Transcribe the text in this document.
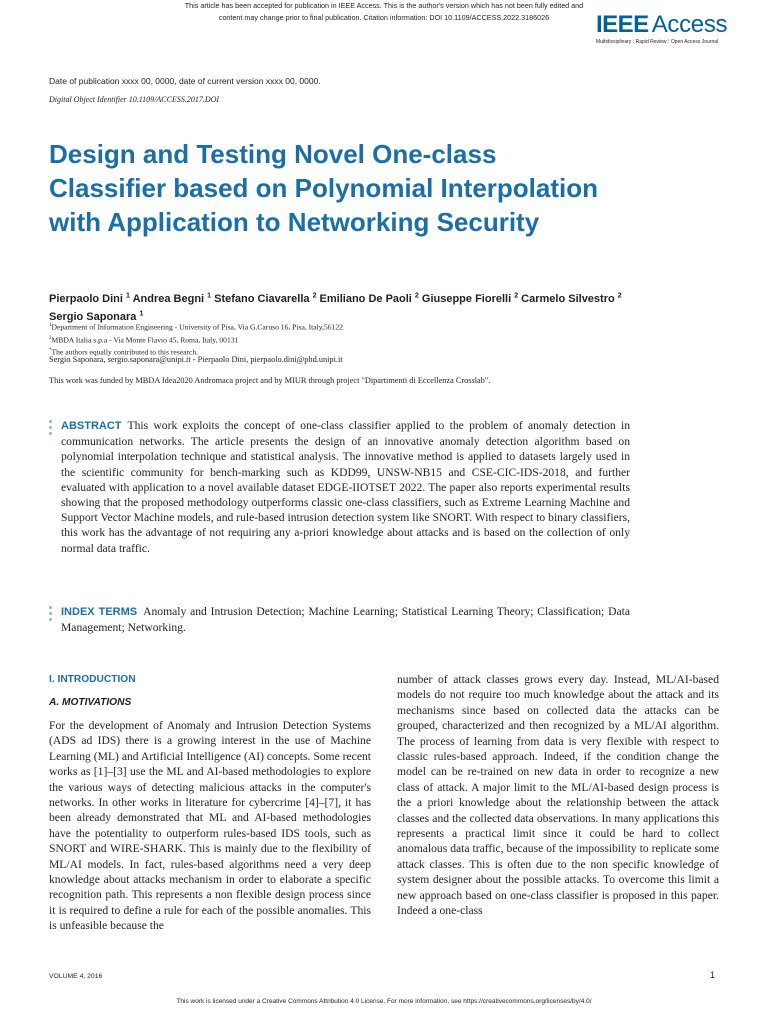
This article has been accepted for publication in IEEE Access. This is the author's version which has not been fully edited and
content may change prior to final publication. Citation information: DOI 10.1109/ACCESS.2022.3186026	IEEE Access
Multidisciplinary ⁝ Rapid Review ⁝ Open Access Journal
Date of publication xxxx 00, 0000, date of current version xxxx 00, 0000.
Digital Object Identifier 10.1109/ACCESS.2017.DOI
Design and Testing Novel One-class Classifier based on Polynomial Interpolation with Application to Networking Security
Pierpaolo Dini $^1$ Andrea Begni $^1$ Stefano Ciavarella $^2$ Emiliano De Paoli $^2$ Giuseppe Fiorelli $^2$ Carmelo Silvestro $^2$ Sergio Saponara $^1$
$^1$Department of Information Engineering - University of Pisa, Via G.Caruso 16, Pisa, Italy,56122
$^2$MBDA Italia s.p.a - Via Monte Flavio 45, Roma, Italy, 00131
*The authors equally contributed to this research.
Sergio Saponara, sergio.saponara@unipi.it - Pierpaolo Dini, pierpaolo.dini@phd.unipi.it
This work was funded by MBDA Idea2020 Andromaca project and by MIUR through project "Dipartimenti di Eccellenza Crosslab".

ABSTRACT This work exploits the concept of one-class classifier applied to the problem of anomaly detection in communication networks. The article presents the design of an innovative anomaly detection algorithm based on polynomial interpolation technique and statistical analysis. The innovative method is applied to datasets largely used in the scientific community for bench-marking such as KDD99, UNSW-NB15 and CSE-CIC-IDS-2018, and further evaluated with application to a novel available dataset EDGE-IIOTSET 2022. The paper also reports experimental results showing that the proposed methodology outperforms classic one-class classifiers, such as Extreme Learning Machine and Support Vector Machine models, and rule-based intrusion detection system like SNORT. With respect to binary classifiers, this work has the advantage of not requiring any a-priori knowledge about attacks and is based on the collection of only normal data traffic.

INDEX TERMS Anomaly and Intrusion Detection; Machine Learning; Statistical Learning Theory; Classification; Data Management; Networking.

I. INTRODUCTION
A. MOTIVATIONS

For the development of Anomaly and Intrusion Detection Systems (ADS ad IDS) there is a growing interest in the use of Machine Learning (ML) and Artificial Intelligence (AI) concepts. Some recent works as [1]–[3] use the ML and AI-based methodologies to explore the various ways of detecting malicious attacks in the computer's networks. In other works in literature for cybercrime [4]–[7], it has been already demonstrated that ML and AI-based methodologies have the potentiality to outperform rules-based IDS tools, such as SNORT and WIRE-SHARK. This is mainly due to the flexibility of ML/AI models. In fact, rules-based algorithms need a very deep knowledge about attacks mechanism in order to elaborate a specific recognition path. This represents a non flexible design process since it is required to define a rule for each of the possible anomalies. This is unfeasible because the

number of attack classes grows every day. Instead, ML/AI-based models do not require too much knowledge about the attack and its mechanisms since based on collected data the attacks can be grouped, characterized and then recognized by a ML/AI algorithm. The process of learning from data is very flexible with respect to classic rules-based approach. Indeed, if the condition change the model can be re-trained on new data in order to recognize a new class of attack. A major limit to the ML/AI-based design process is the a priori knowledge about the relationship between the attack classes and the collected data observations. In many applications this represents a practical limit since it could be hard to collect anomalous data traffic, because of the impossibility to replicate some attack classes. This is often due to the non specific knowledge of system designer about the possible attacks. To overcome this limit a new approach based on one-class classifier is proposed in this paper. Indeed a one-class

VOLUME 4, 2016	1
This work is licensed under a Creative Commons Attribution 4.0 License. For more information, see https://creativecommons.org/licenses/by/4.0/
